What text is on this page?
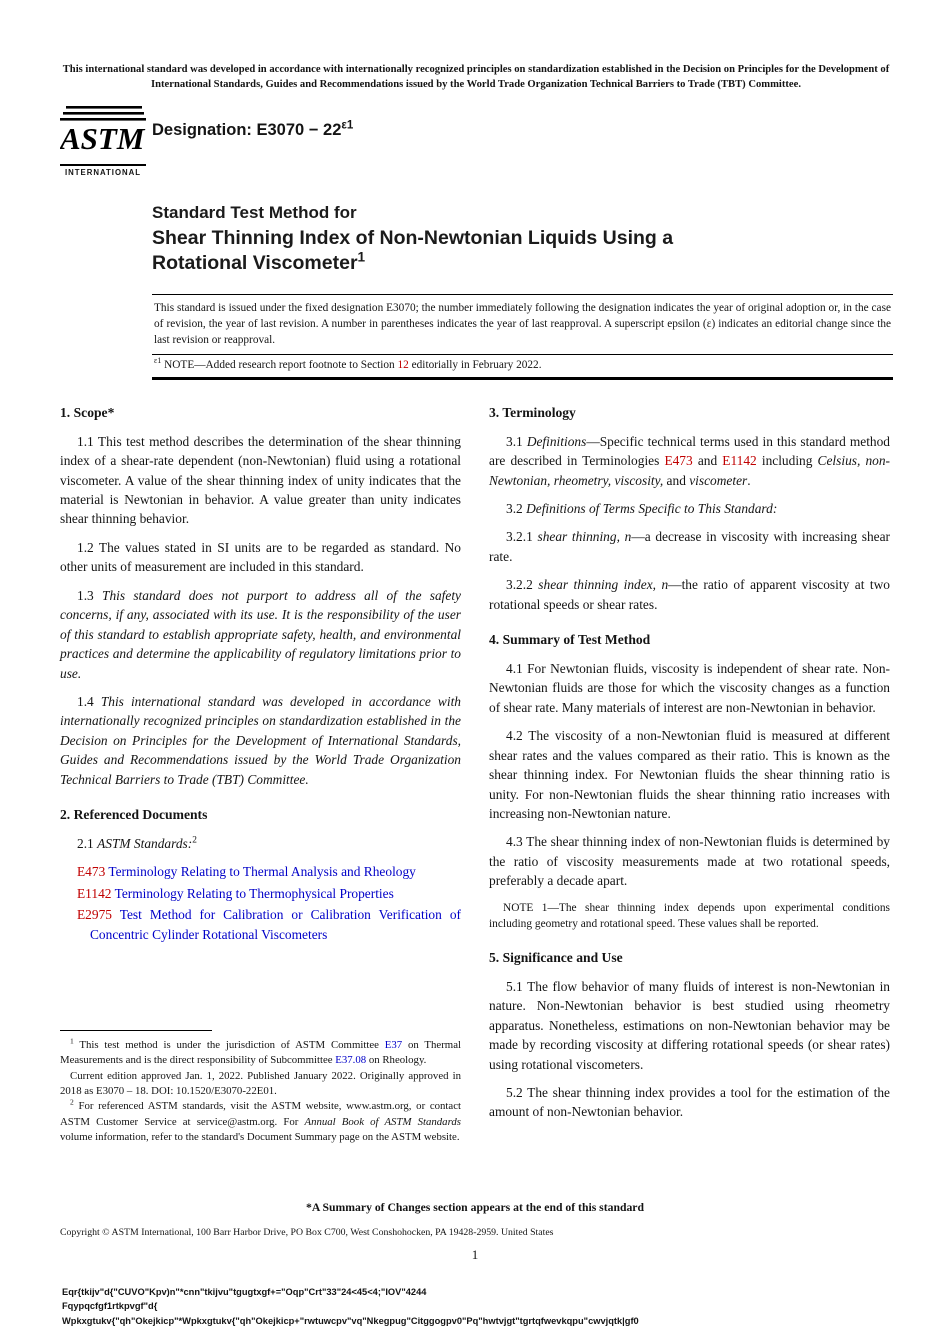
This international standard was developed in accordance with internationally recognized principles on standardization established in the Decision on Principles for the Development of International Standards, Guides and Recommendations issued by the World Trade Organization Technical Barriers to Trade (TBT) Committee.
ASTM
INTERNATIONAL
Designation: $E3070 - 22^{\varepsilon 1}$
Standard Test Method for
Shear Thinning Index of Non-Newtonian Liquids Using a
Rotational Viscometer$^1$

This standard is issued under the fixed designation E3070; the number immediately following the designation indicates the year of original adoption or, in the case of revision, the year of last revision. A number in parentheses indicates the year of last reapproval. A superscript epsilon (ε) indicates an editorial change since the last revision or reapproval.

$^{\varepsilon 1}$ NOTE—Added research report footnote to Section 12 editorially in February 2022.

1. Scope*

1.1 This test method describes the determination of the shear thinning index of a shear-rate dependent (non-Newtonian) fluid using a rotational viscometer. A value of the shear thinning index of unity indicates that the material is Newtonian in behavior. A value greater than unity indicates shear thinning behavior.

1.2 The values stated in SI units are to be regarded as standard. No other units of measurement are included in this standard.

1.3 This standard does not purport to address all of the safety concerns, if any, associated with its use. It is the responsibility of the user of this standard to establish appropriate safety, health, and environmental practices and determine the applicability of regulatory limitations prior to use.

1.4 This international standard was developed in accordance with internationally recognized principles on standardization established in the Decision on Principles for the Development of International Standards, Guides and Recommendations issued by the World Trade Organization Technical Barriers to Trade (TBT) Committee.

2. Referenced Documents

2.1 ASTM Standards:$^2$

E473 Terminology Relating to Thermal Analysis and Rheology
E1142 Terminology Relating to Thermophysical Properties
E2975 Test Method for Calibration or Calibration Verification of Concentric Cylinder Rotational Viscometers
3. Terminology

3.1 Definitions—Specific technical terms used in this standard method are described in Terminologies E473 and E1142 including Celsius, non-Newtonian, rheometry, viscosity, and viscometer.

3.2 Definitions of Terms Specific to This Standard:

3.2.1 shear thinning, n—a decrease in viscosity with increasing shear rate.

3.2.2 shear thinning index, n—the ratio of apparent viscosity at two rotational speeds or shear rates.

4. Summary of Test Method

4.1 For Newtonian fluids, viscosity is independent of shear rate. Non-Newtonian fluids are those for which the viscosity changes as a function of shear rate. Many materials of interest are non-Newtonian in behavior.

4.2 The viscosity of a non-Newtonian fluid is measured at different shear rates and the values compared as their ratio. This is known as the shear thinning index. For Newtonian fluids the shear thinning ratio is unity. For non-Newtonian fluids the shear thinning ratio increases with increasing non-Newtonian nature.

4.3 The shear thinning index of non-Newtonian fluids is determined by the ratio of viscosity measurements made at two rotational speeds, preferably a decade apart.

NOTE 1—The shear thinning index depends upon experimental conditions including geometry and rotational speed. These values shall be reported.

5. Significance and Use

5.1 The flow behavior of many fluids of interest is non-Newtonian in nature. Non-Newtonian behavior is best studied using rheometry apparatus. Nonetheless, estimations on non-Newtonian behavior may be made by recording viscosity at differing rotational speeds (or shear rates) using rotational viscometers.

5.2 The shear thinning index provides a tool for the estimation of the amount of non-Newtonian behavior.

$^1$ This test method is under the jurisdiction of ASTM Committee E37 on Thermal Measurements and is the direct responsibility of Subcommittee E37.08 on Rheology.

Current edition approved Jan. 1, 2022. Published January 2022. Originally approved in 2018 as E3070 – 18. DOI: 10.1520/E3070-22E01.

$^2$ For referenced ASTM standards, visit the ASTM website, www.astm.org, or contact ASTM Customer Service at service@astm.org. For Annual Book of ASTM Standards volume information, refer to the standard's Document Summary page on the ASTM website.

*A Summary of Changes section appears at the end of this standard
Copyright © ASTM International, 100 Barr Harbor Drive, PO Box C700, West Conshohocken, PA 19428-2959. United States
1
Eqr{tkijv"d{"CUVO"Kpv)n"*cnn"tkijvu"tgugtxgf+="Oqp"Crt"33"24<45<4;"IOV"4244
Fqypqcfgf1rtkpvgf"d{
Wpkxgtukv{"qh"Okejkicp"*Wpkxgtukv{"qh"Okejkicp+"rwtuwcpv"vq"Nkegpug"Citggogpv0"Pq"hwtvjgt"tgrtqfwevkqpu"cwvjqtk|gf0
